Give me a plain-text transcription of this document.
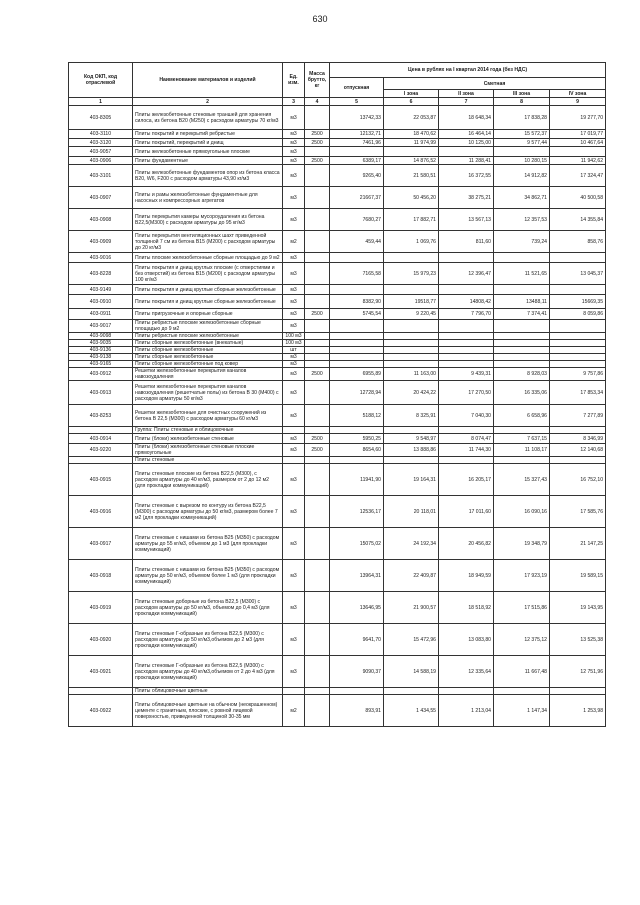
630
Код ОКП, код отраслевой	Наименование материалов и изделий	Ед. изм.	Масса брутто, кг	Цена в рублях на I квартал 2014 года (без НДС)				
				отпускная	Сметная			
					I зона	II зона	III зона	IV зона
1	2	3	4	5	6	7	8	9
403-8305	Плиты железобетонные стеновые траншей для хранения силоса, из бетона В20 (М250) с расходом арматуры 70 кг/м3	м3		13742,33	22 053,87	18 648,34	17 838,28	19 277,70
403-3110	Плиты покрытий и перекрытий ребристые	м3	2500	12132,71	18 470,62	16 464,14	15 572,37	17 019,77
403-3120	Плиты покрытий, перекрытий и днищ	м3	2500	7461,96	11 974,99	10 125,00	9 577,44	10 467,64
403-9057	Плиты железобетонные прямоугольные плоские	м3						
403-0906	Плиты фундаментные	м3	2500	6389,17	14 876,52	11 288,41	10 280,15	11 942,62
403-3101	Плиты железобетонные фундаментов опор из бетона класса В20, W6, F200 с расходом арматуры 43,90 кг/м3	м3		9265,40	21 580,51	16 372,55	14 912,82	17 324,47
403-0907	Плиты и рамы железобетонные фундаментные для насосных и компрессорных агрегатов	м3		21667,37	50 456,20	38 275,21	34 862,71	40 500,58
403-0908	Плиты перекрытия камеры мусороудаления из бетона В22,5(М300) с расходом арматуры до 95 кг/м3	м3		7680,27	17 882,71	13 567,13	12 357,53	14 355,84
403-0909	Плиты перекрытия вентиляционных шахт приведенной толщиной 7 см из бетона В15 (М200) с расходом арматуры до 20 кг/м3	м2		459,44	1 069,76	811,60	739,24	858,76
403-9016	Плиты плоские железобетонные сборные площадью до 9 м2	м3						
403-8228	Плиты покрытия и днищ круглых плоские (с отверстиями и без отверстий) из бетона В15 (М200) с расходом арматуры 100 кг/м3	м3		7165,58	15 979,23	12 396,47	11 521,65	13 045,37
403-9149	Плиты покрытия и днищ круглые сборные железобетонные	м3						
403-0910	Плиты покрытия и днищ круглые сборные железобетонные	м3		8382,90	19518,77	14808,42	13488,11	15669,35
403-0911	Плиты пригрузочные и опорные сборные	м3	2500	5745,54	9 220,45	7 796,70	7 374,41	8 059,86
403-9017	Плиты ребристые плоские железобетонные сборные площадью до 9 м2	м3						
403-9098	Плиты ребристые плоские железобетонные	100 м3						
403-9035	Плиты сборные железобетонные (внекатные)	100 м3						
403-9136	Плиты сборные железобетонные	шт						
403-9138	Плиты сборные железобетонные	м3						
403-9165	Плиты сборные железобетонные под ковер	м3						
403-0912	Решетки железобетонные перекрытия каналов навозоудаления	м3	2500	6955,89	11 163,00	9 439,31	8 928,03	9 757,86
403-0913	Решетки железобетонные перекрытия каналов навозоудаления (решетчатые полы) из бетона В 30 (М400) с расходом арматуры 50 кг/м3	м3		12728,94	20 424,22	17 270,50	16 335,06	17 853,34
403-8253	Решетки железобетонные для очистных сооружений из бетона В 22,5 (М300) с расходом арматуры 60 кг/м3	м3		5188,12	8 325,91	7 040,30	6 658,96	7 277,89
	Группа: Плиты стеновые и облицовочные							
403-0914	Плиты (блоки) железобетонные стеновые	м3	2500	5950,25	9 548,97	8 074,47	7 637,15	8 346,99
403-9220	Плиты (блоки) железобетонные стеновые плоские прямоугольные	м3	2500	8654,60	13 888,86	11 744,30	11 108,17	12 140,68
	Плиты стеновые							
403-0915	Плиты стеновые плоские из бетона В22,5 (М300), с расходом арматуры до 40 кг/м3, размером от 2 до 12 м2 (для прокладки коммуникаций)	м3		11941,90	19 164,31	16 205,17	15 327,43	16 752,10
403-0916	Плиты стеновые с вырезом по контуру из бетона В22,5 (М300) с расходом арматуры до 50 кг/м3, размером более 7 м2 (для прокладки коммуникаций)	м3		12536,17	20 118,01	17 011,60	16 090,16	17 585,76
403-0917	Плиты стеновые с нишами из бетона В25 (М350) с расходом арматуры до 55 кг/м3, объемом до 1 м3 (для прокладки коммуникаций)	м3		15075,02	24 192,34	20 456,82	19 348,79	21 147,25
403-0918	Плиты стеновые с нишами из бетона В25 (М350) с расходом арматуры до 50 кг/м3, объемом более 1 м3 (для прокладки коммуникаций)	м3		13964,31	22 409,87	18 949,59	17 923,19	19 589,15
403-0919	Плиты стеновые доборные из бетона В22,5 (М300) с расходом арматуры до 50 кг/м3, объемом до 0,4 м3 (для прокладки коммуникаций)	м3		13646,95	21 900,57	18 518,92	17 515,86	19 143,95
403-0920	Плиты стеновые Г-образные из бетона В22,5 (М300) с расходом арматуры до 50 кг/м3,объемом до 2 м3 (для прокладки коммуникаций)	м3		9641,70	15 472,96	13 083,80	12 375,12	13 525,38
403-0921	Плиты стеновые Г-образные из бетона В22,5 (М300) с расходом арматуры до 40 кг/м3,объемом от 2 до 4 м3 (для прокладки коммуникаций)	м3		9090,37	14 588,19	12 335,64	11 667,48	12 751,96
	Плиты облицовочные цветные							
403-0922	Плиты облицовочные цветные на обычном (неокрашенном) цементе с гранитным, плоские, с ровной лицевой поверхностью, приведенной толщиной 30-35 мм	м2		893,91	1 434,55	1 213,04	1 147,34	1 253,98
